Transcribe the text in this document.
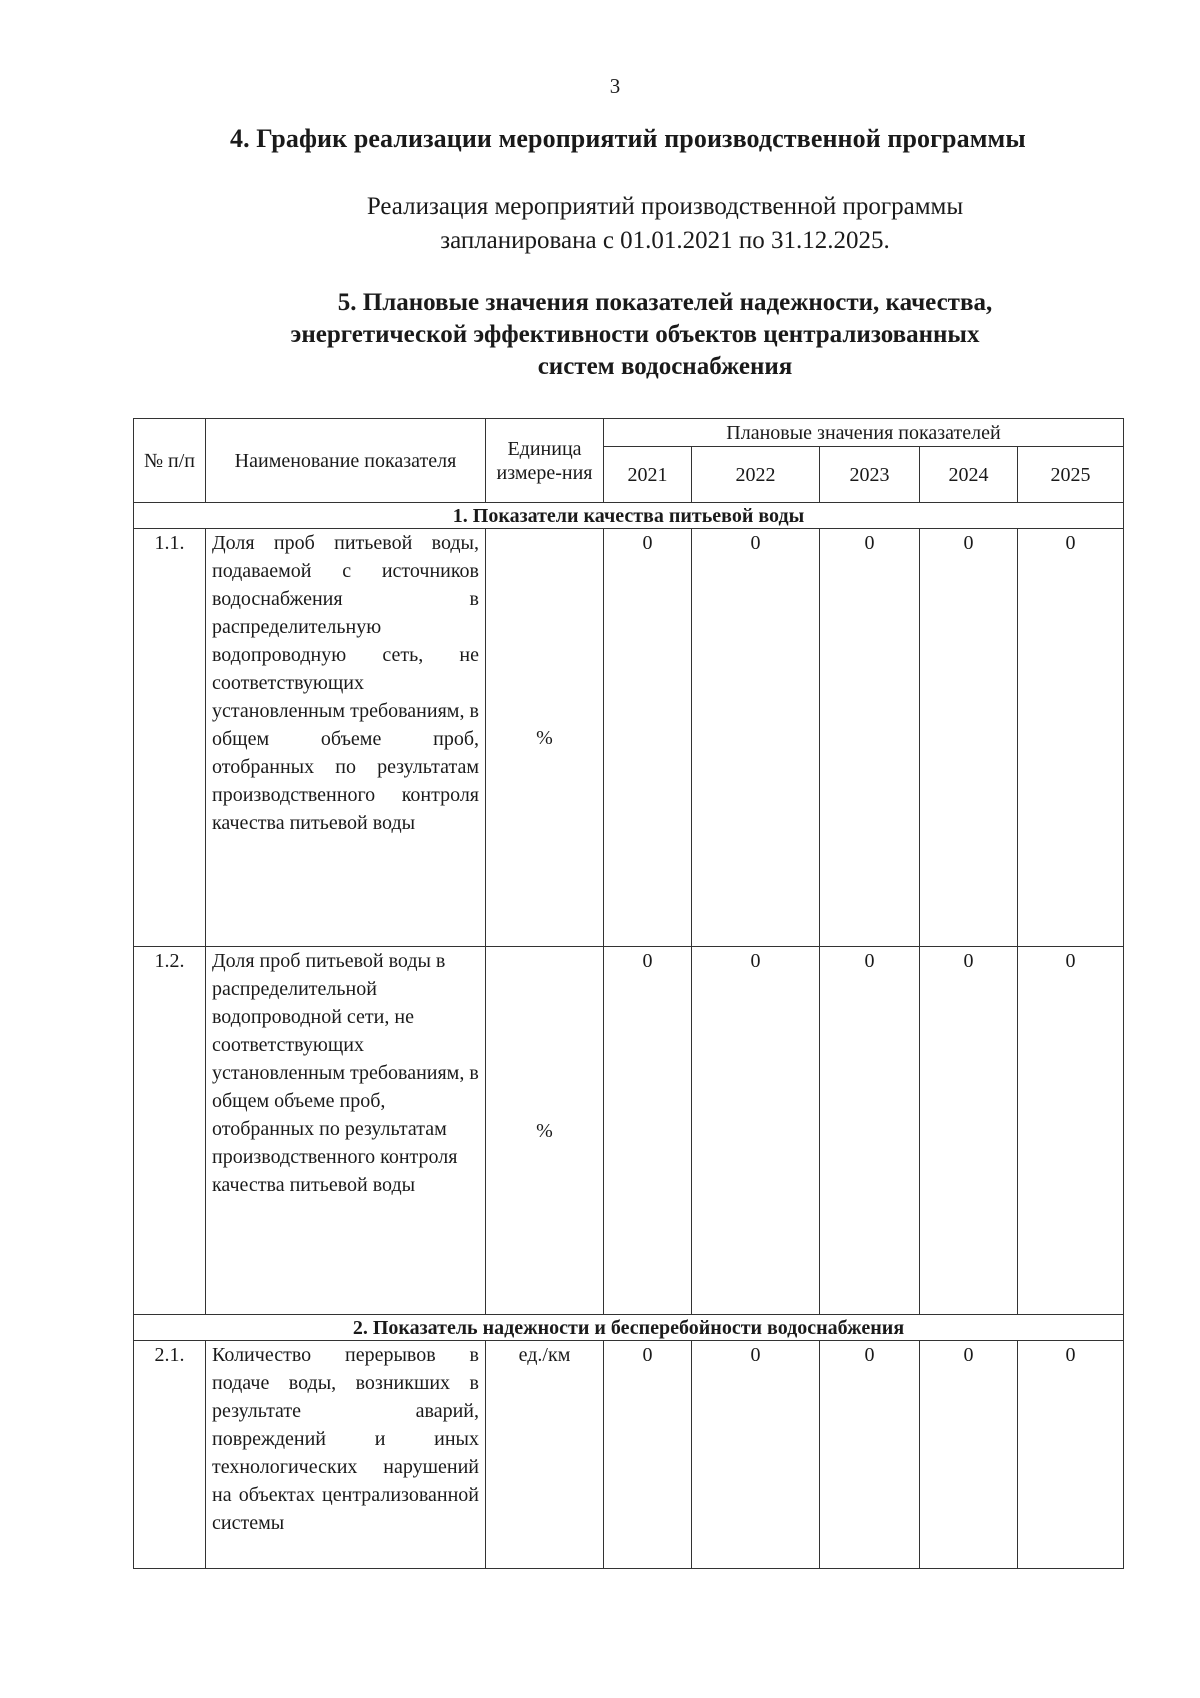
3
4. График реализации мероприятий производственной программы
Реализация мероприятий производственной программы
запланирована с 01.01.2021 по 31.12.2025.
5. Плановые значения показателей надежности, качества,
энергетической эффективности объектов централизованных
систем водоснабжения
№ п/п	Наименование показателя	Единица измере-ния	Плановые значения показателей				
			2021	2022	2023	2024	2025
1. Показатели качества питьевой воды							
1.1.	Доля проб питьевой воды, подаваемой с источников водоснабжения в распределительную водопроводную сеть, не соответствующих установленным требованиям, в общем объеме проб, отобранных по результатам производственного контроля качества питьевой воды	%	0	0	0	0	0
1.2.	Доля проб питьевой воды в распределительной водопроводной сети, не соответствующих установленным требованиям, в общем объеме проб, отобранных по результатам производственного контроля качества питьевой воды	%	0	0	0	0	0
2. Показатель надежности и бесперебойности водоснабжения							
2.1.	Количество перерывов в подаче воды, возникших в результате аварий, повреждений и иных технологических нарушений на объектах централизованной системы	ед./км	0	0	0	0	0
